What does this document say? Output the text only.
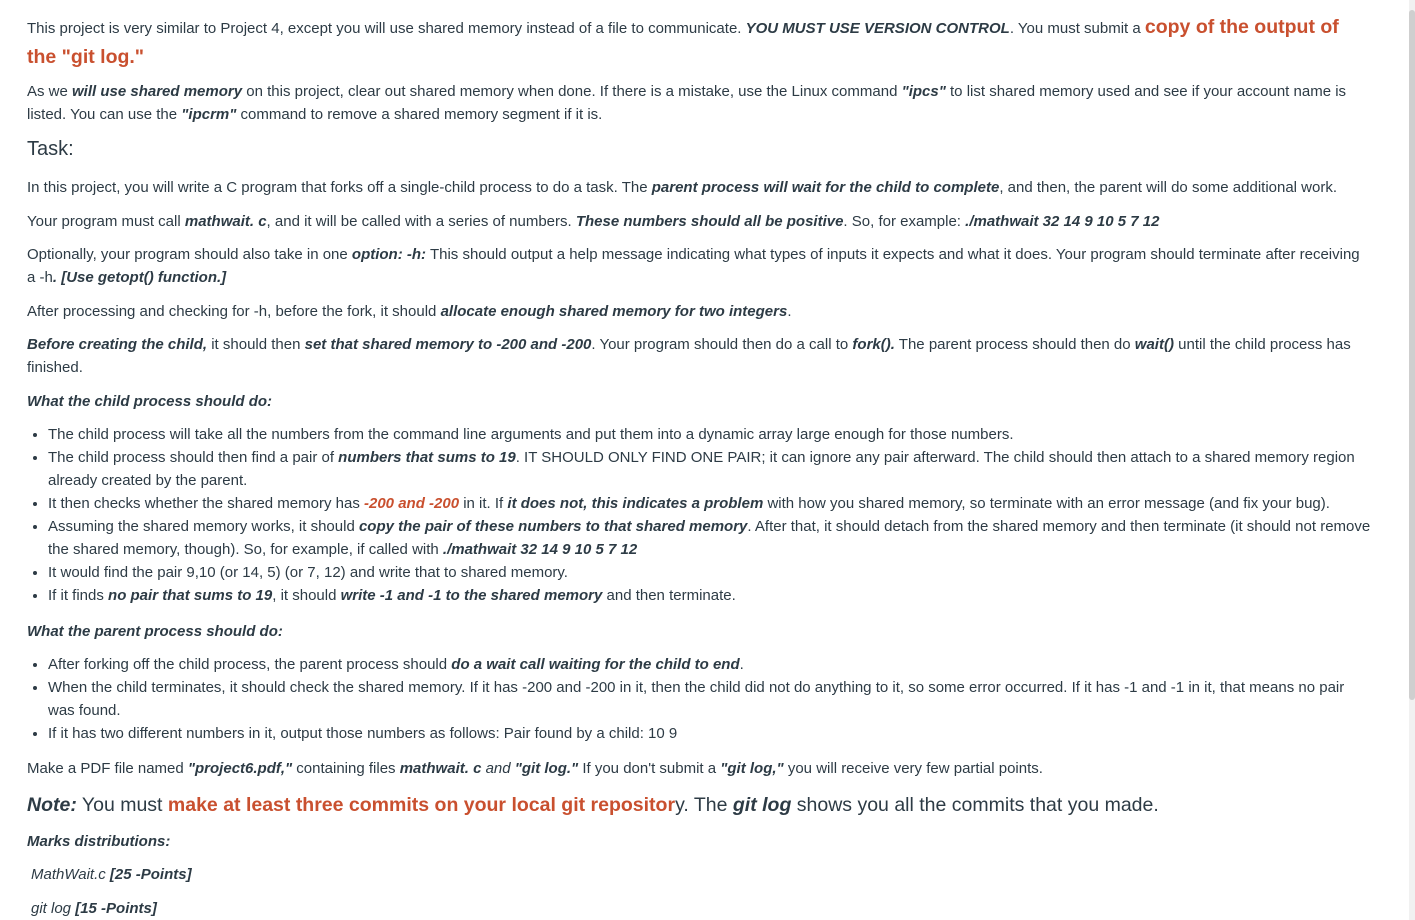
This project is very similar to Project 4, except you will use shared memory instead of a file to communicate. YOU MUST USE VERSION CONTROL. You must submit a copy of the output of the "git log."

As we will use shared memory on this project, clear out shared memory when done. If there is a mistake, use the Linux command "ipcs" to list shared memory used and see if your account name is listed. You can use the "ipcrm" command to remove a shared memory segment if it is.

Task:

In this project, you will write a C program that forks off a single-child process to do a task. The parent process will wait for the child to complete, and then, the parent will do some additional work.

Your program must call mathwait. c, and it will be called with a series of numbers. These numbers should all be positive. So, for example: ./mathwait 32 14 9 10 5 7 12

Optionally, your program should also take in one option: -h: This should output a help message indicating what types of inputs it expects and what it does. Your program should terminate after receiving a -h. [Use getopt() function.]

After processing and checking for -h, before the fork, it should allocate enough shared memory for two integers.

Before creating the child, it should then set that shared memory to -200 and -200. Your program should then do a call to fork(). The parent process should then do wait() until the child process has finished.

What the child process should do:

• The child process will take all the numbers from the command line arguments and put them into a dynamic array large enough for those numbers.
• The child process should then find a pair of numbers that sums to 19. IT SHOULD ONLY FIND ONE PAIR; it can ignore any pair afterward. The child should then attach to a shared memory region already created by the parent.
• It then checks whether the shared memory has -200 and -200 in it. If it does not, this indicates a problem with how you shared memory, so terminate with an error message (and fix your bug).
• Assuming the shared memory works, it should copy the pair of these numbers to that shared memory. After that, it should detach from the shared memory and then terminate (it should not remove the shared memory, though). So, for example, if called with ./mathwait 32 14 9 10 5 7 12
• It would find the pair 9,10 (or 14, 5) (or 7, 12) and write that to shared memory.
• If it finds no pair that sums to 19, it should write -1 and -1 to the shared memory and then terminate.

What the parent process should do:

• After forking off the child process, the parent process should do a wait call waiting for the child to end.
• When the child terminates, it should check the shared memory. If it has -200 and -200 in it, then the child did not do anything to it, so some error occurred. If it has -1 and -1 in it, that means no pair was found.
• If it has two different numbers in it, output those numbers as follows: Pair found by a child: 10 9

Make a PDF file named "project6.pdf," containing files mathwait. c and "git log." If you don't submit a "git log," you will receive very few partial points.

Note: You must make at least three commits on your local git repository. The git log shows you all the commits that you made.

Marks distributions:

MathWait.c [25 -Points]

git log [15 -Points]
